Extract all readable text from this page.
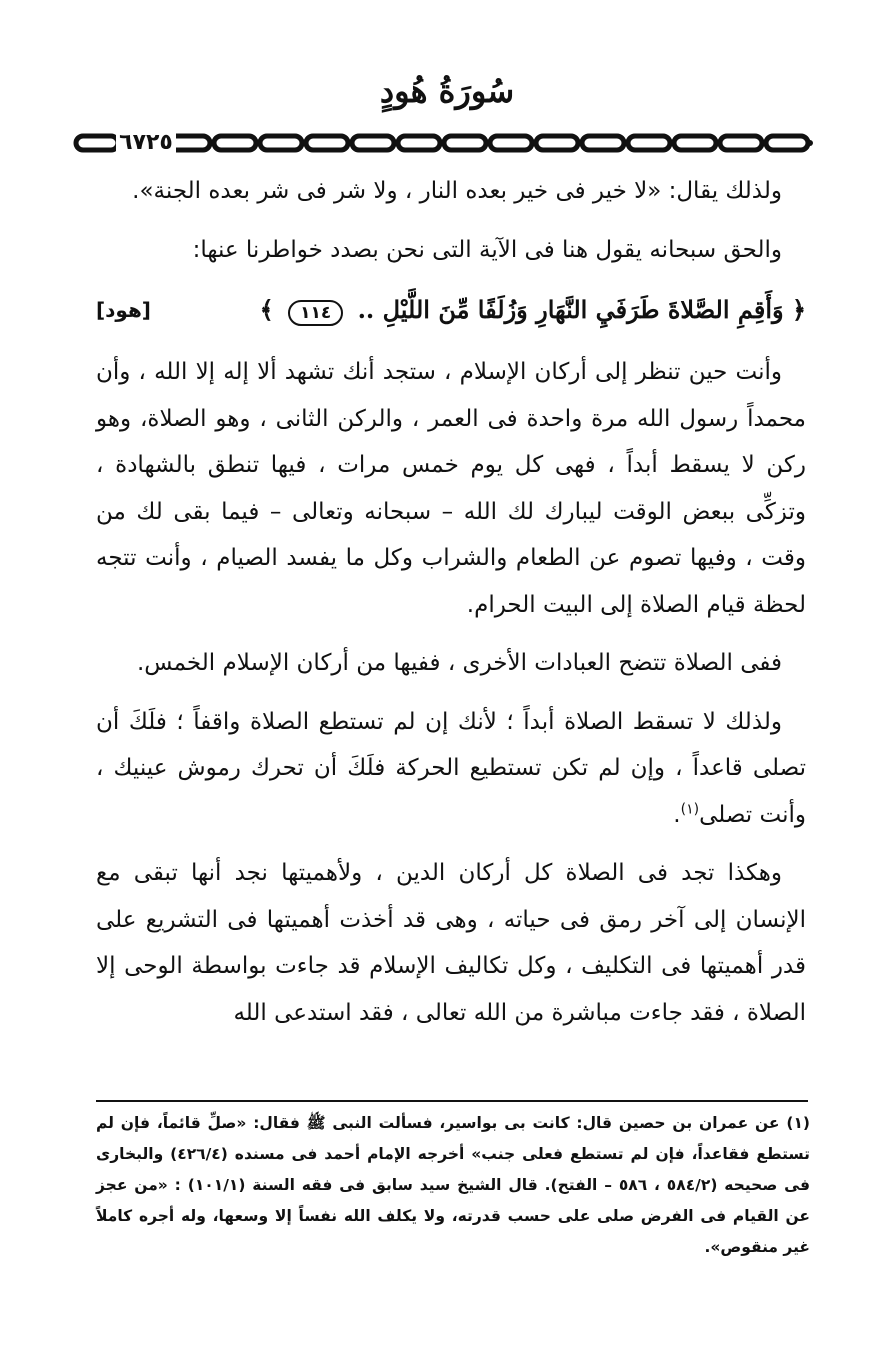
سُورَةُ هُودٍ
٦٧٢٥

ولذلك يقال: «لا خير فى خير بعده النار ، ولا شر فى شر بعده الجنة».

والحق سبحانه يقول هنا فى الآية التى نحن بصدد خواطرنا عنها:

﴿ وَأَقِمِ الصَّلاةَ طَرَفَيِ النَّهَارِ وَزُلَفًا مِّنَ اللَّيْلِ .. ١١٤ ﴾
[هود]

وأنت حين تنظر إلى أركان الإسلام ، ستجد أنك تشهد ألا إله إلا الله ، وأن محمداً رسول الله مرة واحدة فى العمر ، والركن الثانى ، وهو الصلاة، وهو ركن لا يسقط أبداً ، فهى كل يوم خمس مرات ، فيها تنطق بالشهادة ، وتزكِّى ببعض الوقت ليبارك لك الله – سبحانه وتعالى – فيما بقى لك من وقت ، وفيها تصوم عن الطعام والشراب وكل ما يفسد الصيام ، وأنت تتجه لحظة قيام الصلاة إلى البيت الحرام.

ففى الصلاة تتضح العبادات الأخرى ، ففيها من أركان الإسلام الخمس.

ولذلك لا تسقط الصلاة أبداً ؛ لأنك إن لم تستطع الصلاة واقفاً ؛ فلَكَ أن تصلى قاعداً ، وإن لم تكن تستطيع الحركة فلَكَ أن تحرك رموش عينيك ، وأنت تصلى$^{(١)}$.

وهكذا تجد فى الصلاة كل أركان الدين ، ولأهميتها نجد أنها تبقى مع الإنسان إلى آخر رمق فى حياته ، وهى قد أخذت أهميتها فى التشريع على قدر أهميتها فى التكليف ، وكل تكاليف الإسلام قد جاءت بواسطة الوحى إلا الصلاة ، فقد جاءت مباشرة من الله تعالى ، فقد استدعى الله

(١) عن عمران بن حصين قال: كانت بى بواسير، فسألت النبى ﷺ فقال: «صلِّ قائماً، فإن لم تستطع فقاعداً، فإن لم تستطع فعلى جنب» أخرجه الإمام أحمد فى مسنده (٤٢٦/٤) والبخارى فى صحيحه (٥٨٤/٢ ، ٥٨٦ – الفتح). قال الشيخ سيد سابق فى فقه السنة (١٠١/١) : «من عجز عن القيام فى الفرض صلى على حسب قدرته، ولا يكلف الله نفساً إلا وسعها، وله أجره كاملاً غير منقوص».
